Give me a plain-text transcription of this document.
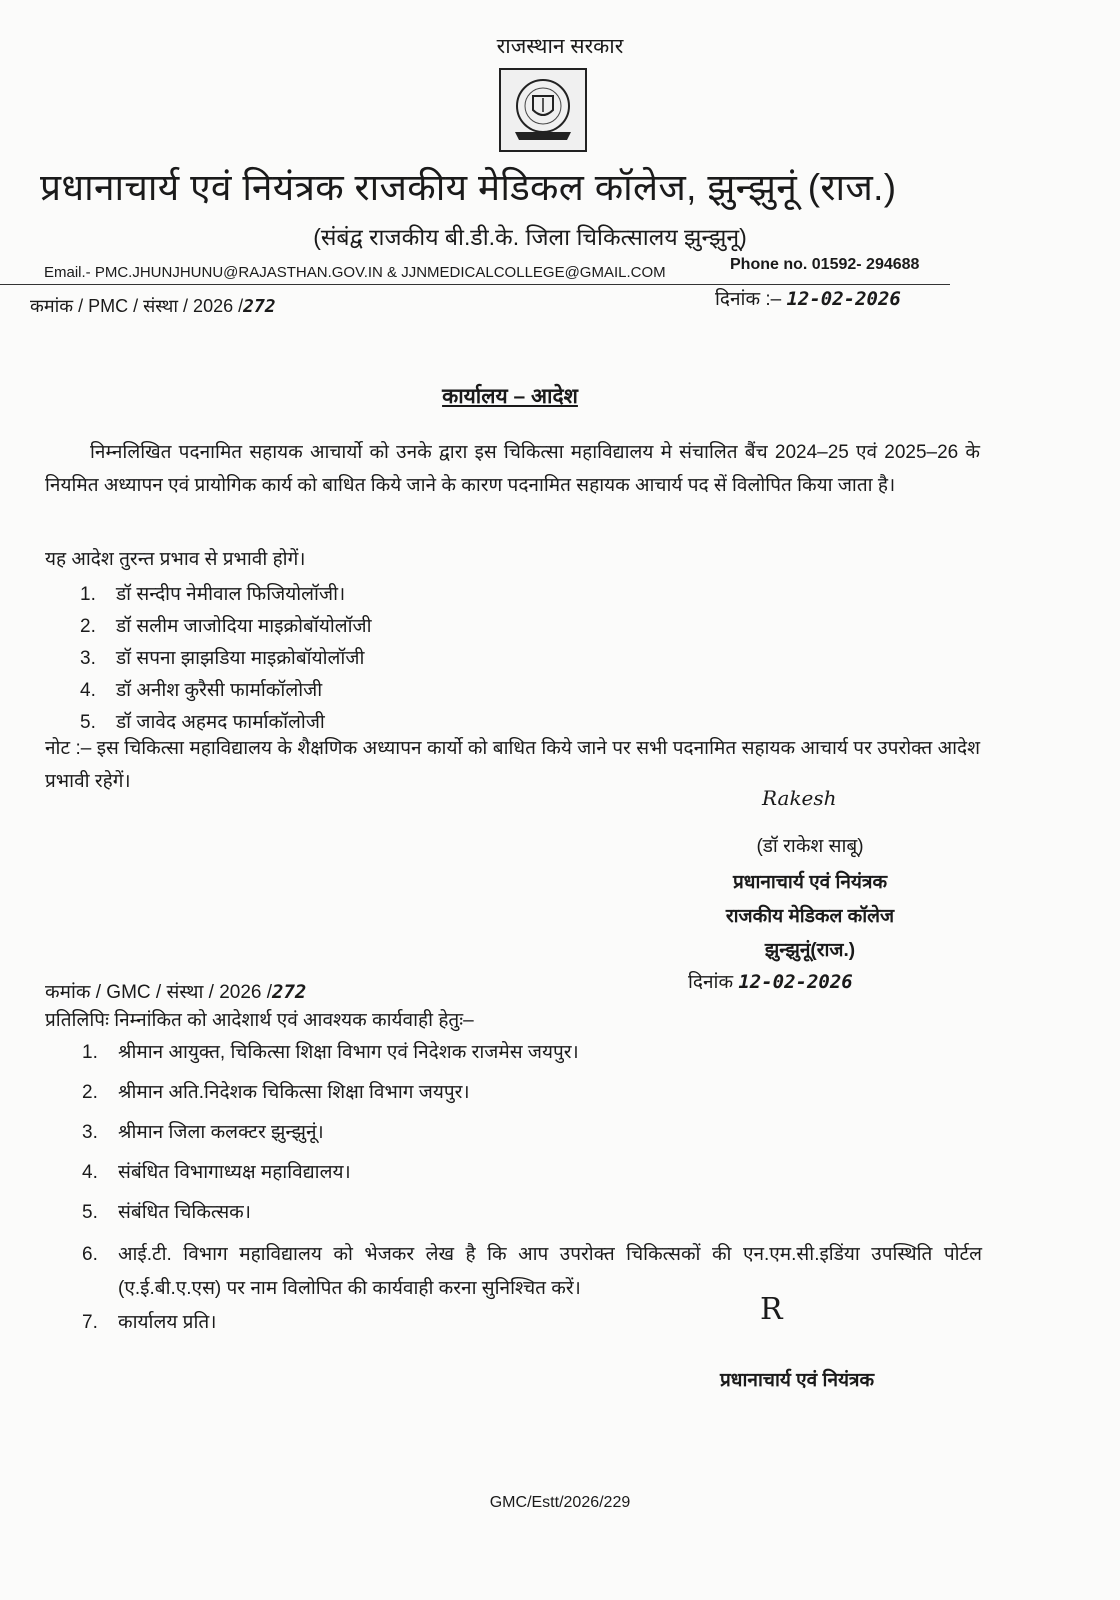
राजस्थान सरकार
प्रधानाचार्य एवं नियंत्रक राजकीय मेडिकल कॉलेज, झुन्झुनूं (राज.)
(संबंद्व राजकीय बी.डी.के. जिला चिकित्सालय झुन्झुनू)
Email.- PMC.JHUNJHUNU@RAJASTHAN.GOV.IN & JJNMEDICALCOLLEGE@GMAIL.COM	Phone no. 01592- 294688
कमांक / PMC / संस्था / 2026 /272	दिनांक :– 12-02-2026
कार्यालय – आदेश
निम्नलिखित पदनामित सहायक आचार्यो को उनके द्वारा इस चिकित्सा महाविद्यालय मे संचालित बैंच 2024–25 एवं 2025–26 के नियमित अध्यापन एवं प्रायोगिक कार्य को बाधित किये जाने के कारण पदनामित सहायक आचार्य पद सें विलोपित किया जाता है।
यह आदेश तुरन्त प्रभाव से प्रभावी होगें।
1. डॉ सन्दीप नेमीवाल फिजियोलॉजी।
2. डॉ सलीम जाजोदिया माइक्रोबॉयोलॉजी
3. डॉ सपना झाझडिया माइक्रोबॉयोलॉजी
4. डॉ अनीश कुरैसी फार्माकॉलोजी
5. डॉ जावेद अहमद फार्माकॉलोजी
नोट :– इस चिकित्सा महाविद्यालय के शैक्षणिक अध्यापन कार्यो को बाधित किये जाने पर सभी पदनामित सहायक आचार्य पर उपरोक्त आदेश प्रभावी रहेगें।
Rakesh
(डॉ राकेश साबू)
प्रधानाचार्य एवं नियंत्रक
राजकीय मेडिकल कॉलेज
झुन्झुनूं(राज.)
दिनांक 12-02-2026
कमांक / GMC / संस्था / 2026 /272
प्रतिलिपिः निम्नांकित को आदेशार्थ एवं आवश्यक कार्यवाही हेतुः–
1. श्रीमान आयुक्त, चिकित्सा शिक्षा विभाग एवं निदेशक राजमेस जयपुर।
2. श्रीमान अति.निदेशक चिकित्सा शिक्षा विभाग जयपुर।
3. श्रीमान जिला कलक्टर झुन्झुनूं।
4. संबंधित विभागाध्यक्ष महाविद्यालय।
5. संबंधित चिकित्सक।
6.	आई.टी. विभाग महाविद्यालय को भेजकर लेख है कि आप उपरोक्त चिकित्सकों की एन.एम.सी.इडिंया उपस्थिति पोर्टल (ए.ई.बी.ए.एस) पर नाम विलोपित की कार्यवाही करना सुनिश्चित करें।
7. कार्यालय प्रति।	R
प्रधानाचार्य एवं नियंत्रक
GMC/Estt/2026/229
